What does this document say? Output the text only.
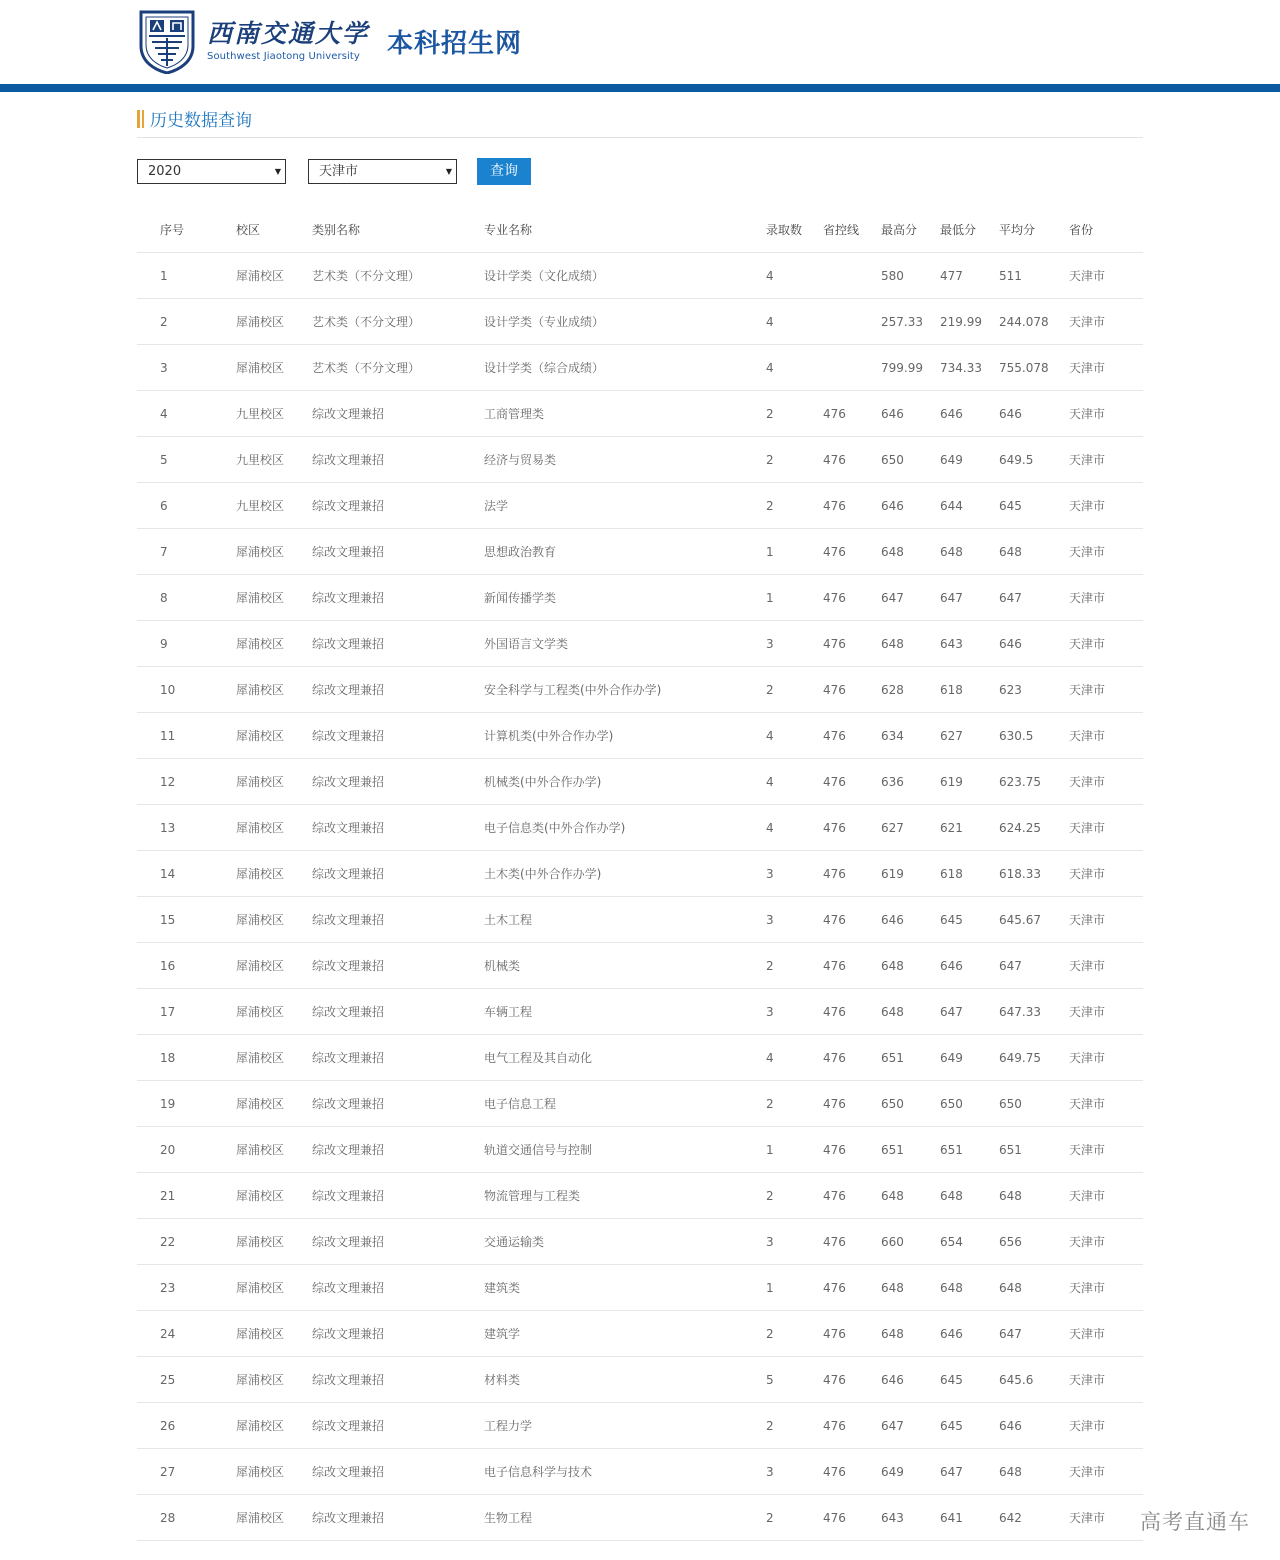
西南交通大学
Southwest Jiaotong University	本科招生网
历史数据查询
2020	▼	天津市	▼	查询
序号	校区	类别名称	专业名称	录取数	省控线	最高分	最低分	平均分	省份
1	犀浦校区	艺术类（不分文理）	设计学类（文化成绩）	4		580	477	511	天津市
2	犀浦校区	艺术类（不分文理）	设计学类（专业成绩）	4		257.33	219.99	244.078	天津市
3	犀浦校区	艺术类（不分文理）	设计学类（综合成绩）	4		799.99	734.33	755.078	天津市
4	九里校区	综改文理兼招	工商管理类	2	476	646	646	646	天津市
5	九里校区	综改文理兼招	经济与贸易类	2	476	650	649	649.5	天津市
6	九里校区	综改文理兼招	法学	2	476	646	644	645	天津市
7	犀浦校区	综改文理兼招	思想政治教育	1	476	648	648	648	天津市
8	犀浦校区	综改文理兼招	新闻传播学类	1	476	647	647	647	天津市
9	犀浦校区	综改文理兼招	外国语言文学类	3	476	648	643	646	天津市
10	犀浦校区	综改文理兼招	安全科学与工程类(中外合作办学)	2	476	628	618	623	天津市
11	犀浦校区	综改文理兼招	计算机类(中外合作办学)	4	476	634	627	630.5	天津市
12	犀浦校区	综改文理兼招	机械类(中外合作办学)	4	476	636	619	623.75	天津市
13	犀浦校区	综改文理兼招	电子信息类(中外合作办学)	4	476	627	621	624.25	天津市
14	犀浦校区	综改文理兼招	土木类(中外合作办学)	3	476	619	618	618.33	天津市
15	犀浦校区	综改文理兼招	土木工程	3	476	646	645	645.67	天津市
16	犀浦校区	综改文理兼招	机械类	2	476	648	646	647	天津市
17	犀浦校区	综改文理兼招	车辆工程	3	476	648	647	647.33	天津市
18	犀浦校区	综改文理兼招	电气工程及其自动化	4	476	651	649	649.75	天津市
19	犀浦校区	综改文理兼招	电子信息工程	2	476	650	650	650	天津市
20	犀浦校区	综改文理兼招	轨道交通信号与控制	1	476	651	651	651	天津市
21	犀浦校区	综改文理兼招	物流管理与工程类	2	476	648	648	648	天津市
22	犀浦校区	综改文理兼招	交通运输类	3	476	660	654	656	天津市
23	犀浦校区	综改文理兼招	建筑类	1	476	648	648	648	天津市
24	犀浦校区	综改文理兼招	建筑学	2	476	648	646	647	天津市
25	犀浦校区	综改文理兼招	材料类	5	476	646	645	645.6	天津市
26	犀浦校区	综改文理兼招	工程力学	2	476	647	645	646	天津市
27	犀浦校区	综改文理兼招	电子信息科学与技术	3	476	649	647	648	天津市
28	犀浦校区	综改文理兼招	生物工程	2	476	643	641	642	天津市 高考直通车
